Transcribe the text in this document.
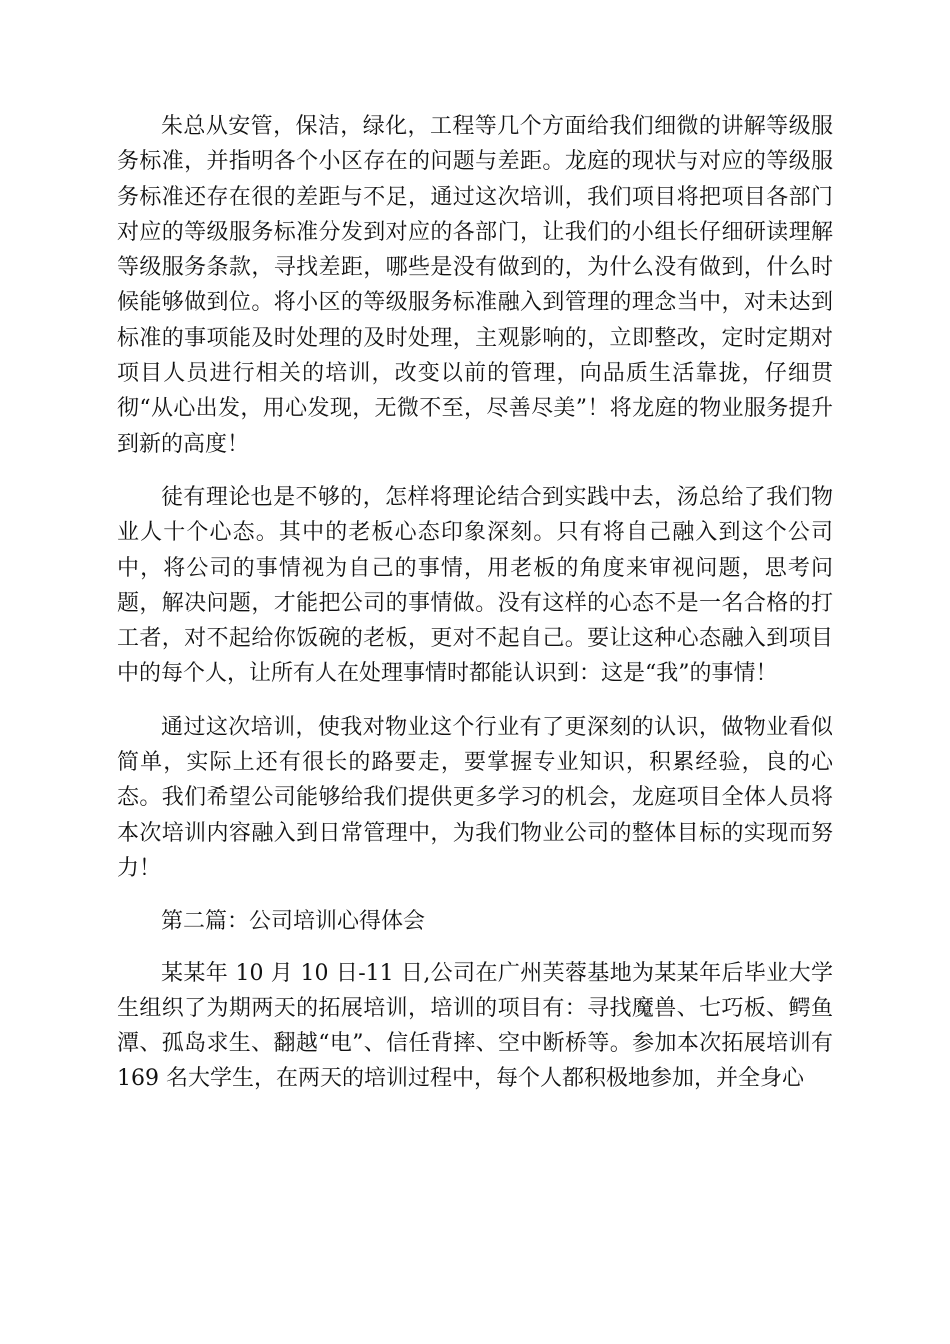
朱总从安管，保洁，绿化，工程等几个方面给我们细微的讲解等级服务标准，并指明各个小区存在的问题与差距。龙庭的现状与对应的等级服务标准还存在很的差距与不足，通过这次培训，我们项目将把项目各部门对应的等级服务标准分发到对应的各部门，让我们的小组长仔细研读理解等级服务条款，寻找差距，哪些是没有做到的，为什么没有做到，什么时候能够做到位。将小区的等级服务标准融入到管理的理念当中，对未达到标准的事项能及时处理的及时处理，主观影响的，立即整改，定时定期对项目人员进行相关的培训，改变以前的管理，向品质生活靠拢，仔细贯彻“从心出发，用心发现，无微不至，尽善尽美”！将龙庭的物业服务提升到新的高度！

徒有理论也是不够的，怎样将理论结合到实践中去，汤总给了我们物业人十个心态。其中的老板心态印象深刻。只有将自己融入到这个公司中，将公司的事情视为自己的事情，用老板的角度来审视问题，思考问题，解决问题，才能把公司的事情做。没有这样的心态不是一名合格的打工者，对不起给你饭碗的老板，更对不起自己。要让这种心态融入到项目中的每个人，让所有人在处理事情时都能认识到：这是“我”的事情！

通过这次培训，使我对物业这个行业有了更深刻的认识，做物业看似简单，实际上还有很长的路要走，要掌握专业知识，积累经验，良的心态。我们希望公司能够给我们提供更多学习的机会，龙庭项目全体人员将本次培训内容融入到日常管理中，为我们物业公司的整体目标的实现而努力！

第二篇：公司培训心得体会

某某年 10 月 10 日-11 日,公司在广州芙蓉基地为某某年后毕业大学生组织了为期两天的拓展培训，培训的项目有：寻找魔兽、七巧板、鳄鱼潭、孤岛求生、翻越“电”、信任背摔、空中断桥等。参加本次拓展培训有 169 名大学生，在两天的培训过程中，每个人都积极地参加，并全身心
